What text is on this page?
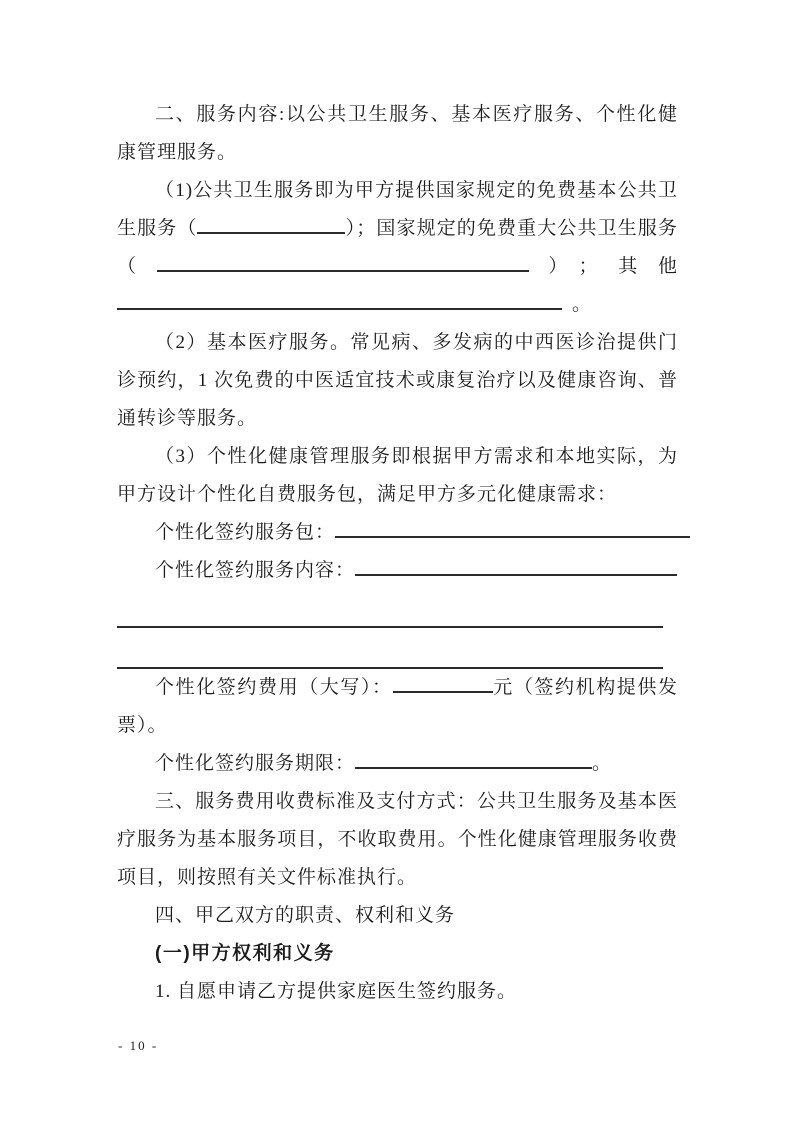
二、服务内容:以公共卫生服务、基本医疗服务、个性化健康管理服务。

（1)公共卫生服务即为甲方提供国家规定的免费基本公共卫生服务（	）；国家规定的免费重大公共卫生服务（	）；其他。

（2）基本医疗服务。常见病、多发病的中西医诊治提供门诊预约，1 次免费的中医适宜技术或康复治疗以及健康咨询、普通转诊等服务。

（3）个性化健康管理服务即根据甲方需求和本地实际，为甲方设计个性化自费服务包，满足甲方多元化健康需求：

个性化签约服务包：

个性化签约服务内容：

个性化签约费用（大写）：	元（签约机构提供发票）。

个性化签约服务期限：	。

三、服务费用收费标准及支付方式：公共卫生服务及基本医疗服务为基本服务项目，不收取费用。个性化健康管理服务收费项目，则按照有关文件标准执行。

四、甲乙双方的职责、权利和义务

(一)甲方权利和义务

1. 自愿申请乙方提供家庭医生签约服务。

- 10 -
